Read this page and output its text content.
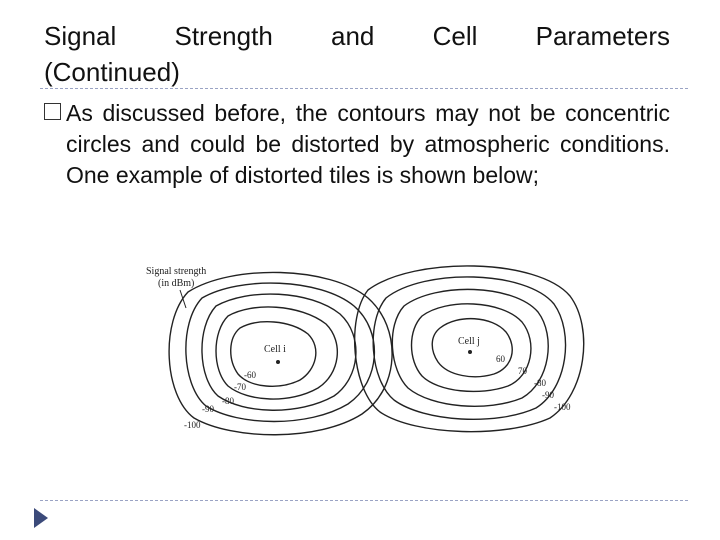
Signal Strength and Cell Parameters
(Continued)
As discussed before, the contours may not be concentric circles and could be distorted by atmospheric conditions. One example of distorted tiles is shown below;
Signal strength
(in dBm)
Cell i
Cell j
-60
-70
-80
-90
-100
60
70
-80
-90
-100
